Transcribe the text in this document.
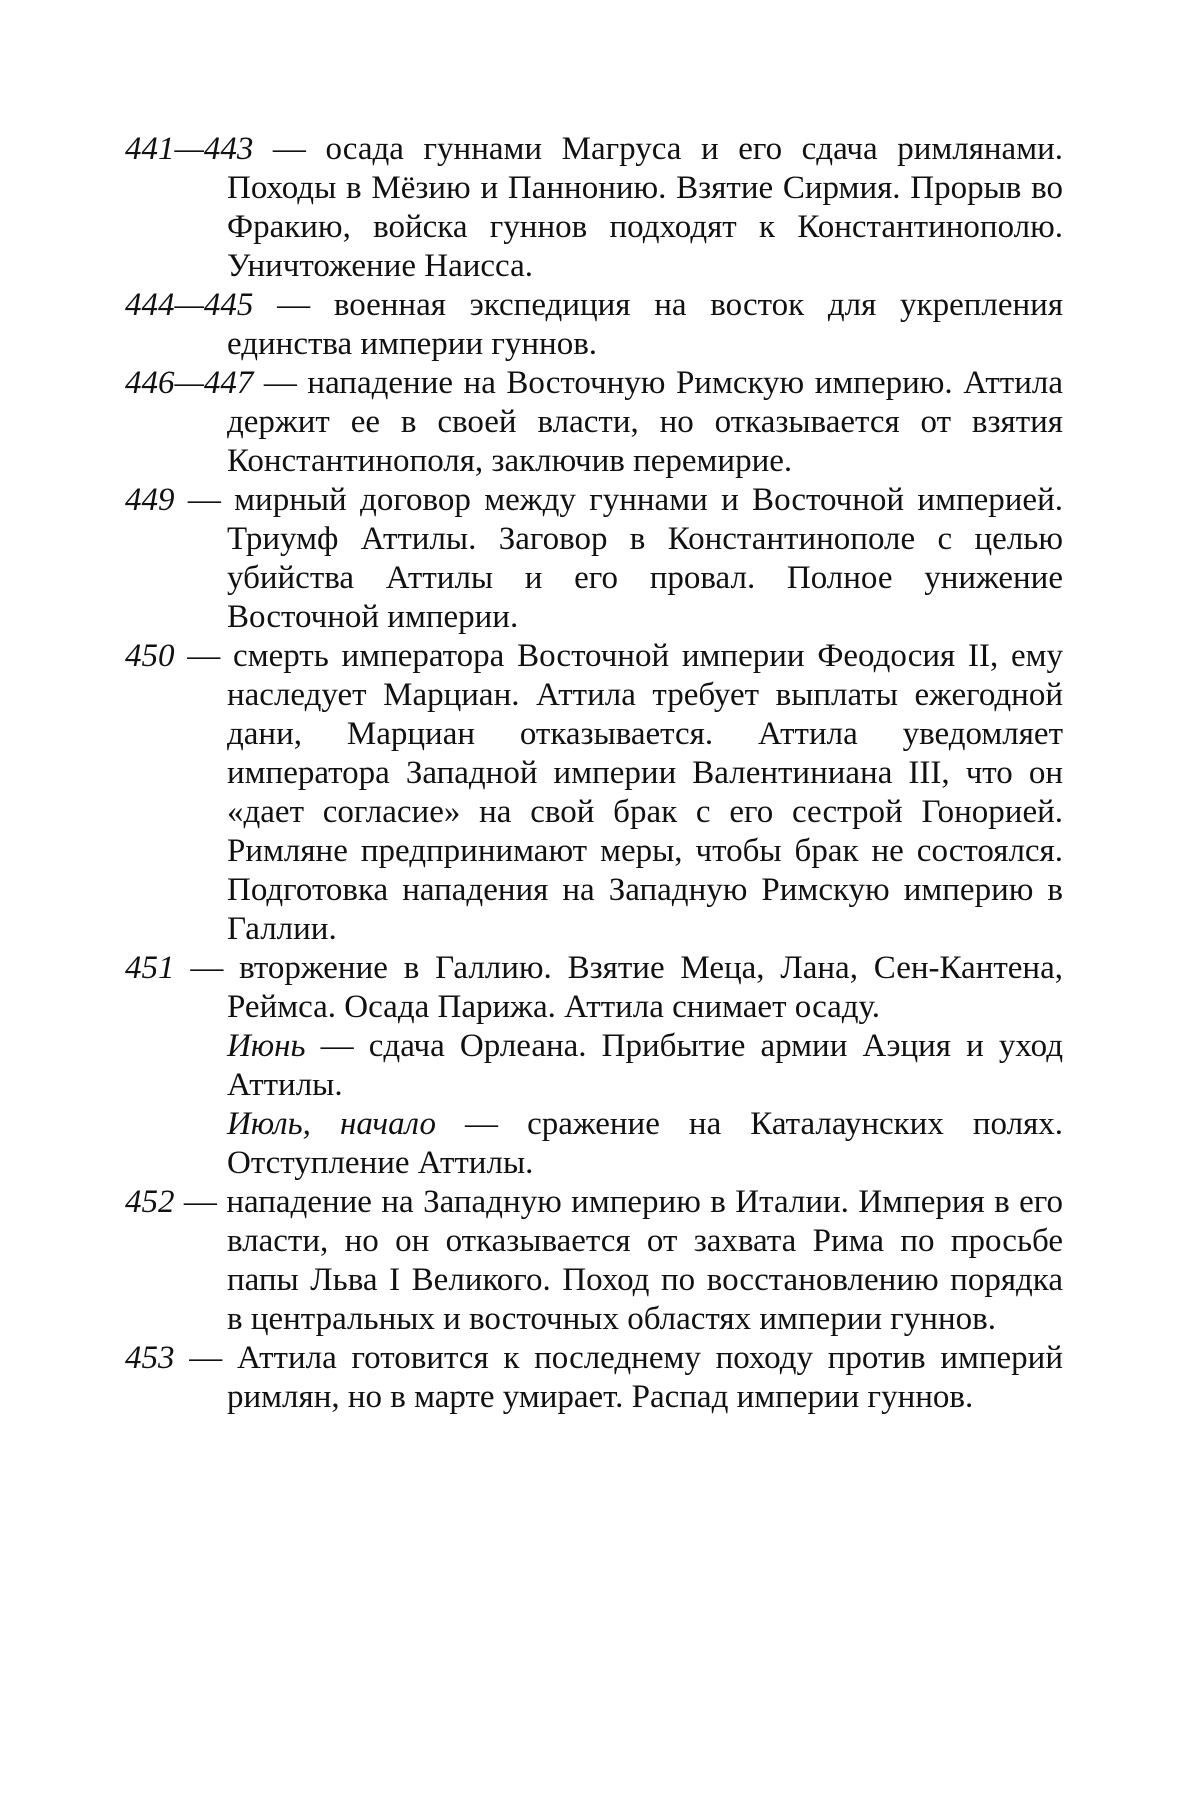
441—443 — осада гуннами Магруса и его сдача римлянами. Походы в Мёзию и Паннонию. Взятие Сирмия. Прорыв во Фракию, войска гуннов подходят к Константинополю. Уничтожение Наисса.

444—445 — военная экспедиция на восток для укрепления единства империи гуннов.

446—447 — нападение на Восточную Римскую империю. Аттила держит ее в своей власти, но отказывается от взятия Константинополя, заключив перемирие.

449 — мирный договор между гуннами и Восточной империей. Триумф Аттилы. Заговор в Константинополе с целью убийства Аттилы и его провал. Полное унижение Восточной империи.

450 — смерть императора Восточной империи Феодосия II, ему наследует Марциан. Аттила требует выплаты ежегодной дани, Марциан отказывается. Аттила уведомляет императора Западной империи Валентиниана III, что он «дает согласие» на свой брак с его сестрой Гонорией. Римляне предпринимают меры, чтобы брак не состоялся. Подготовка нападения на Западную Римскую империю в Галлии.

451 — вторжение в Галлию. Взятие Меца, Лана, Сен-Кантена, Реймса. Осада Парижа. Аттила снимает осаду.

Июнь — сдача Орлеана. Прибытие армии Аэция и уход Аттилы.

Июль, начало — сражение на Каталаунских полях. Отступление Аттилы.

452 — нападение на Западную империю в Италии. Империя в его власти, но он отказывается от захвата Рима по просьбе папы Льва I Великого. Поход по восстановлению порядка в центральных и восточных областях империи гуннов.

453 — Аттила готовится к последнему походу против империй римлян, но в марте умирает. Распад империи гуннов.
